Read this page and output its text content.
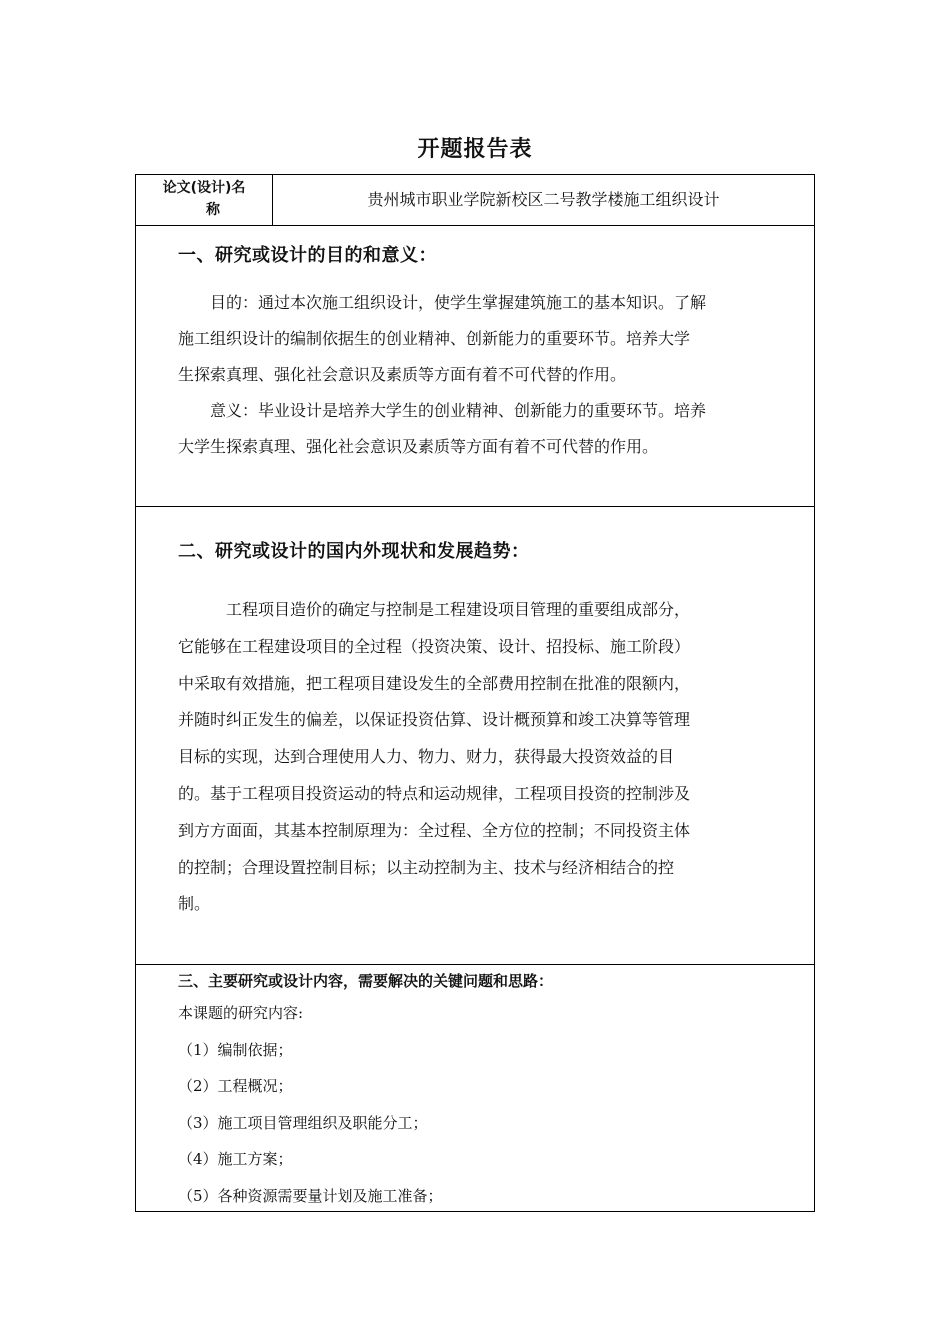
开题报告表
论文(设计)名
称
贵州城市职业学院新校区二号教学楼施工组织设计
一、研究或设计的目的和意义：

　　目的：通过本次施工组织设计，使学生掌握建筑施工的基本知识。了解

施工组织设计的编制依据生的创业精神、创新能力的重要环节。培养大学

生探索真理、强化社会意识及素质等方面有着不可代替的作用。

　　意义：毕业设计是培养大学生的创业精神、创新能力的重要环节。培养

大学生探索真理、强化社会意识及素质等方面有着不可代替的作用。

二、研究或设计的国内外现状和发展趋势：

　　　工程项目造价的确定与控制是工程建设项目管理的重要组成部分，

它能够在工程建设项目的全过程（投资决策、设计、招投标、施工阶段）

中采取有效措施，把工程项目建设发生的全部费用控制在批准的限额内，

并随时纠正发生的偏差，以保证投资估算、设计概预算和竣工决算等管理

目标的实现，达到合理使用人力、物力、财力，获得最大投资效益的目

的。基于工程项目投资运动的特点和运动规律，工程项目投资的控制涉及

到方方面面，其基本控制原理为：全过程、全方位的控制；不同投资主体

的控制；合理设置控制目标；以主动控制为主、技术与经济相结合的控

制。

三、主要研究或设计内容，需要解决的关键问题和思路：
本课题的研究内容:
（1）编制依据；
（2）工程概况；
（3）施工项目管理组织及职能分工；
（4）施工方案；
（5）各种资源需要量计划及施工准备；
